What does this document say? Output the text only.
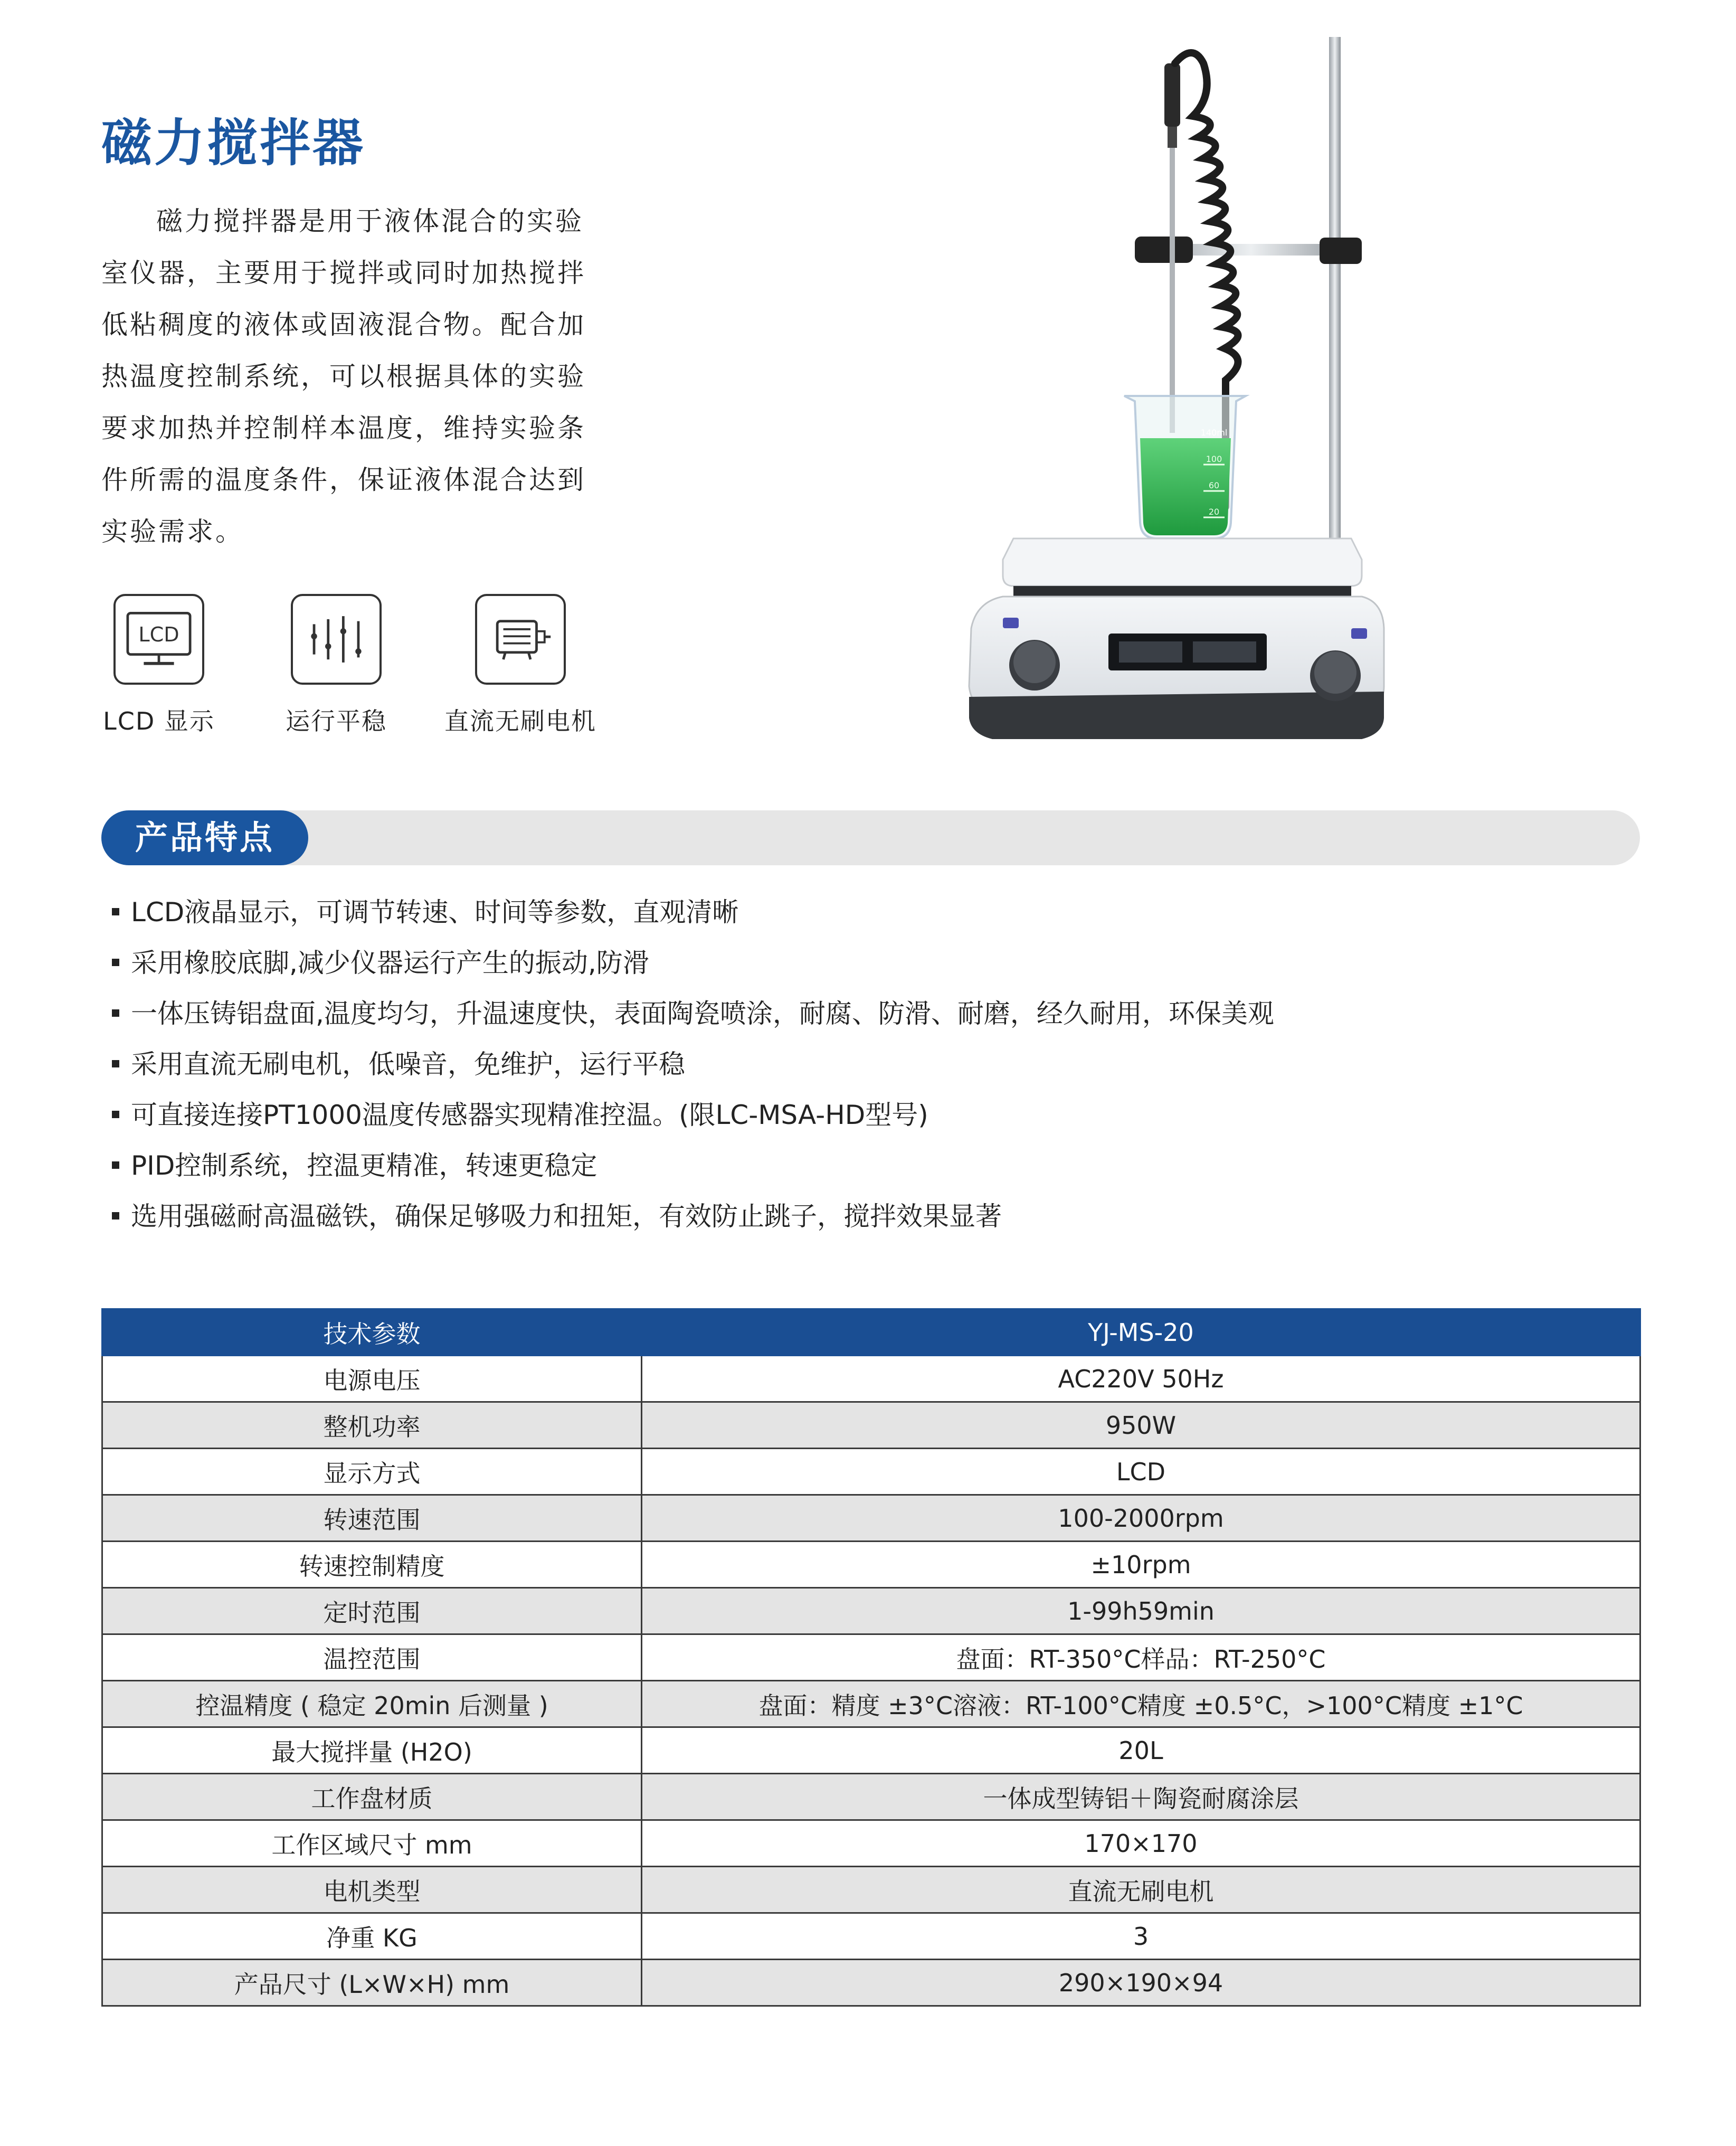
磁力搅拌器
磁力搅拌器是用于液体混合的实验室仪器，主要用于搅拌或同时加热搅拌低粘稠度的液体或固液混合物。配合加热温度控制系统，可以根据具体的实验要求加热并控制样本温度，维持实验条件所需的温度条件，保证液体混合达到实验需求。
LCD
LCD 显示	运行平稳	直流无刷电机
140ml
100
60
20
产品特点
LCD液晶显示，可调节转速、时间等参数，直观清晰
采用橡胶底脚,减少仪器运行产生的振动,防滑
一体压铸铝盘面,温度均匀，升温速度快，表面陶瓷喷涂，耐腐、防滑、耐磨，经久耐用，环保美观
采用直流无刷电机，低噪音，免维护，运行平稳
可直接连接PT1000温度传感器实现精准控温。(限LC-MSA-HD型号)
PID控制系统，控温更精准，转速更稳定
选用强磁耐高温磁铁，确保足够吸力和扭矩，有效防止跳子，搅拌效果显著
技术参数	YJ-MS-20
电源电压	AC220V 50Hz
整机功率	950W
显示方式	LCD
转速范围	100-2000rpm
转速控制精度	±10rpm
定时范围	1-99h59min
温控范围	盘面：RT-350°C样品：RT-250°C
控温精度 ( 稳定 20min 后测量 )	盘面：精度 ±3°C溶液：RT-100°C精度 ±0.5°C，>100°C精度 ±1°C
最大搅拌量 (H2O)	20L
工作盘材质	一体成型铸铝＋陶瓷耐腐涂层
工作区域尺寸 mm	170×170
电机类型	直流无刷电机
净重 KG	3
产品尺寸 (L×W×H) mm	290×190×94
